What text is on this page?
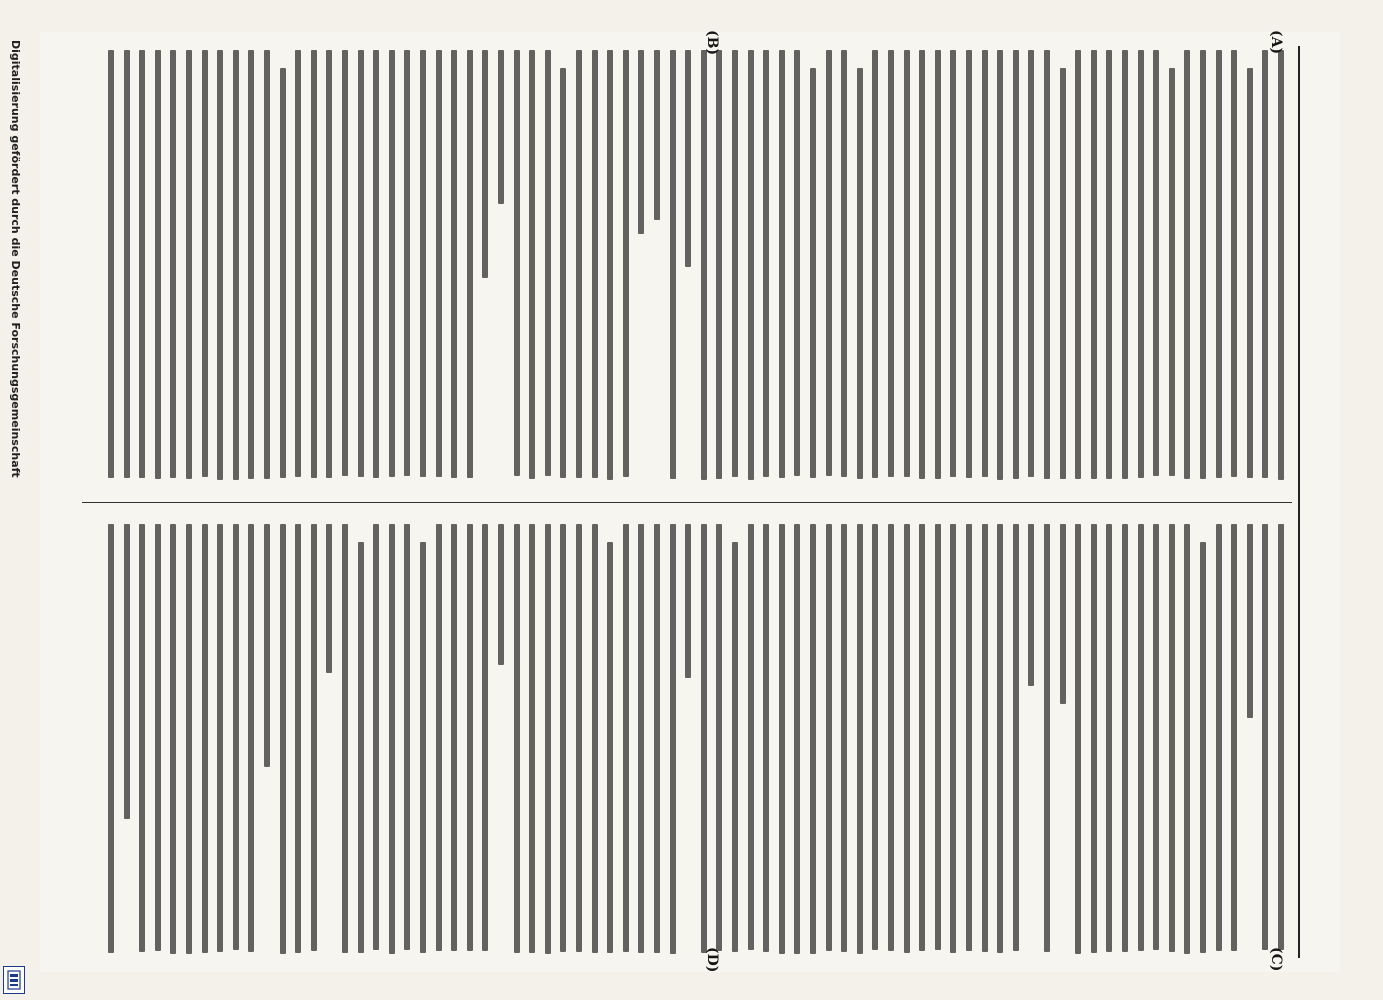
Digitalisierung gefördert durch die Deutsche Forschungsgemeinschaft	(A)
(B)
(C)
(D)
